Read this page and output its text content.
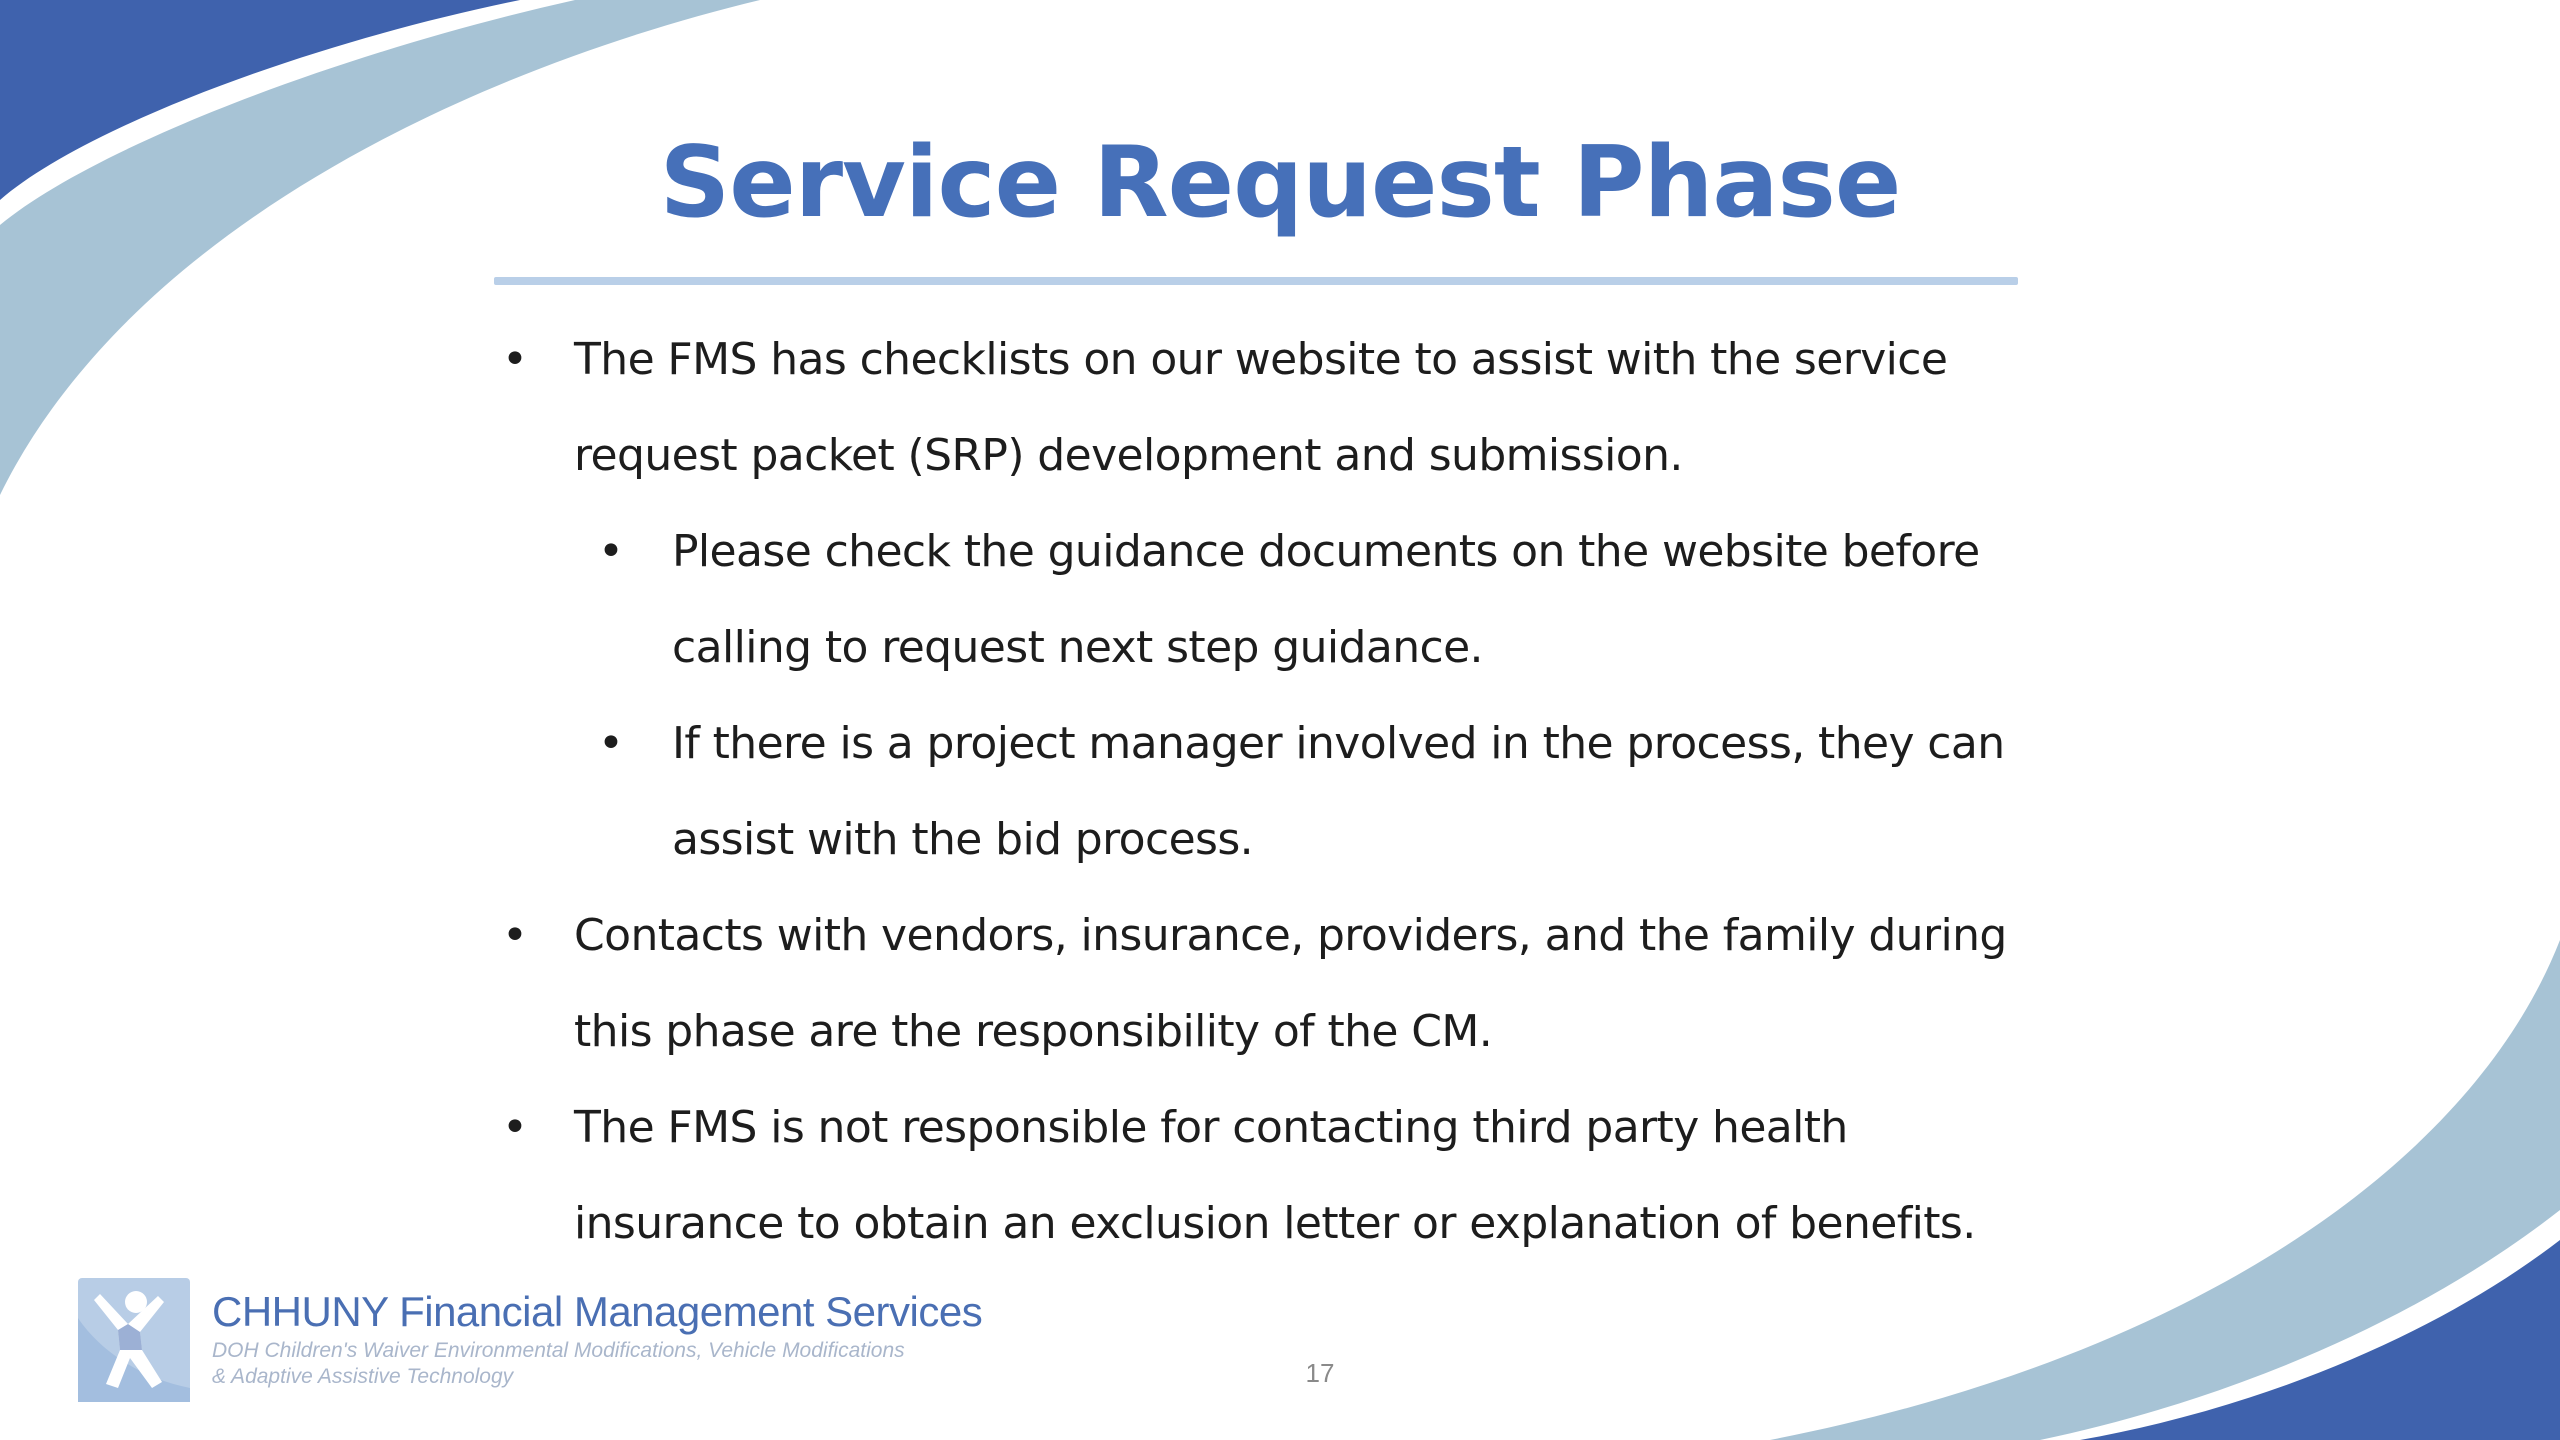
Service Request Phase
• The FMS has checklists on our website to assist with the service request packet (SRP) development and submission.
• Please check the guidance documents on the website before calling to request next step guidance.
• If there is a project manager involved in the process, they can assist with the bid process.
• Contacts with vendors, insurance, providers, and the family during this phase are the responsibility of the CM.
• The FMS is not responsible for contacting third party health insurance to obtain an exclusion letter or explanation of benefits.
CHHUNY Financial Management Services
DOH Children's Waiver Environmental Modifications, Vehicle Modifications
& Adaptive Assistive Technology	17
